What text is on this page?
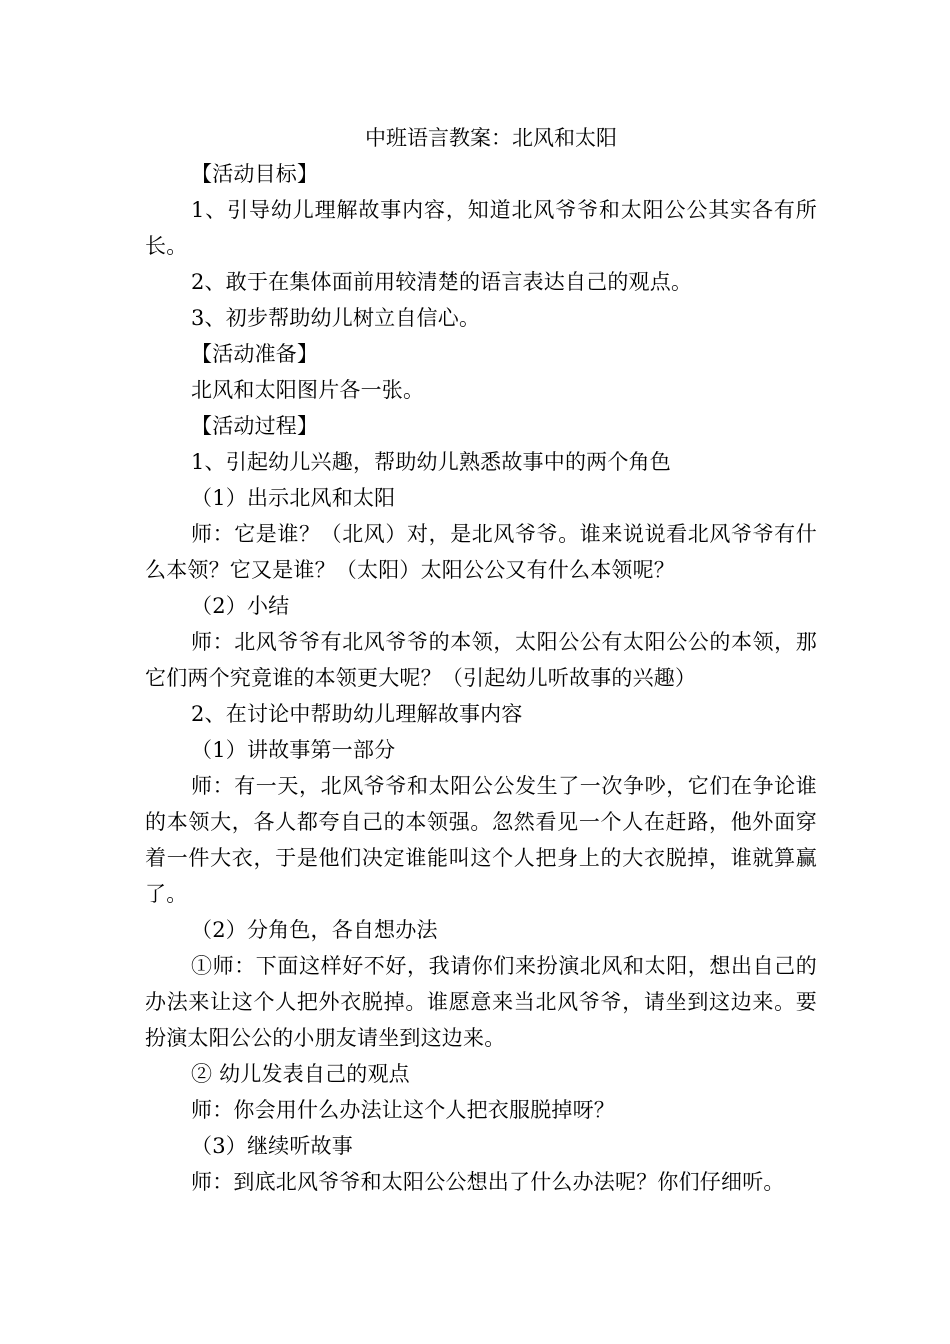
中班语言教案：北风和太阳

【活动目标】

1、引导幼儿理解故事内容，知道北风爷爷和太阳公公其实各有所长。

2、敢于在集体面前用较清楚的语言表达自己的观点。

3、初步帮助幼儿树立自信心。

【活动准备】

北风和太阳图片各一张。

【活动过程】

1、引起幼儿兴趣，帮助幼儿熟悉故事中的两个角色

（1）出示北风和太阳

师：它是谁？（北风）对，是北风爷爷。谁来说说看北风爷爷有什么本领？它又是谁？（太阳）太阳公公又有什么本领呢？

（2）小结

师：北风爷爷有北风爷爷的本领，太阳公公有太阳公公的本领，那它们两个究竟谁的本领更大呢？（引起幼儿听故事的兴趣）

2、在讨论中帮助幼儿理解故事内容

（1）讲故事第一部分

师：有一天，北风爷爷和太阳公公发生了一次争吵，它们在争论谁的本领大，各人都夸自己的本领强。忽然看见一个人在赶路，他外面穿着一件大衣，于是他们决定谁能叫这个人把身上的大衣脱掉，谁就算赢了。

（2）分角色，各自想办法

①师：下面这样好不好，我请你们来扮演北风和太阳，想出自己的办法来让这个人把外衣脱掉。谁愿意来当北风爷爷，请坐到这边来。要扮演太阳公公的小朋友请坐到这边来。

② 幼儿发表自己的观点

师：你会用什么办法让这个人把衣服脱掉呀？

（3）继续听故事

师：到底北风爷爷和太阳公公想出了什么办法呢？你们仔细听。
